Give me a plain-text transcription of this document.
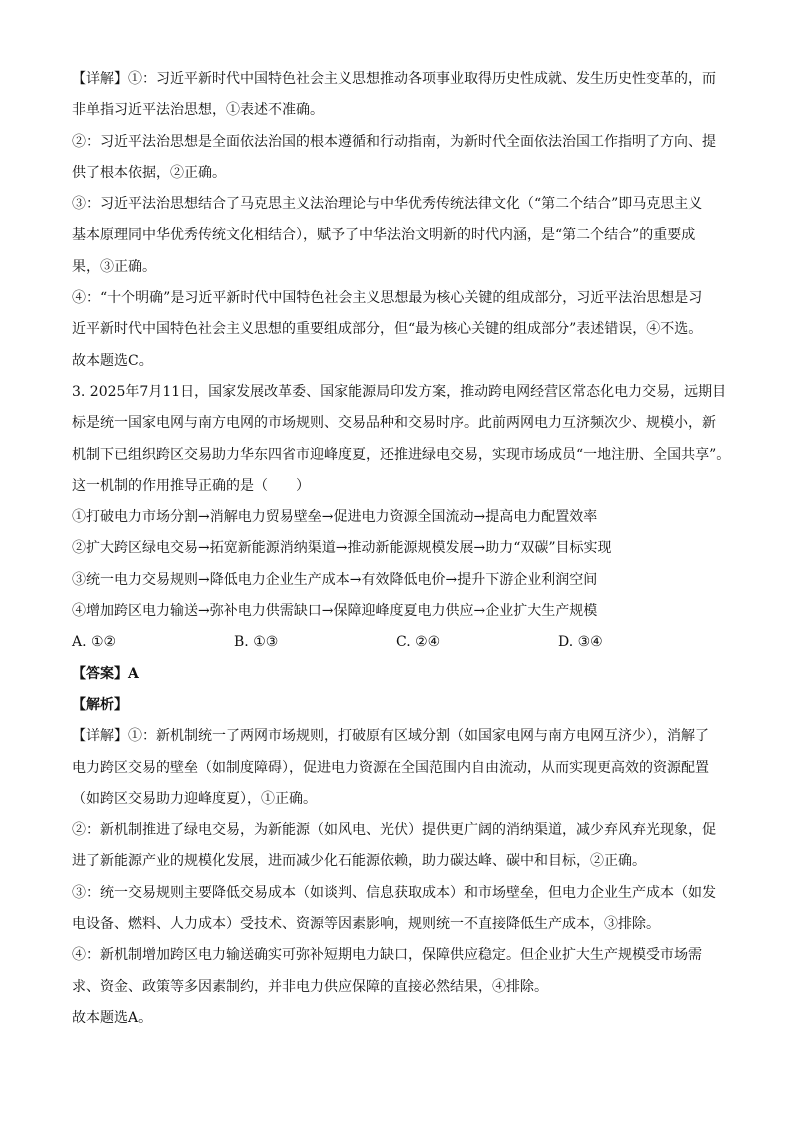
【详解】①：习近平新时代中国特色社会主义思想推动各项事业取得历史性成就、发生历史性变革的，而
非单指习近平法治思想，①表述不准确。
②：习近平法治思想是全面依法治国的根本遵循和行动指南，为新时代全面依法治国工作指明了方向、提
供了根本依据，②正确。
③：习近平法治思想结合了马克思主义法治理论与中华优秀传统法律文化（“第二个结合”即马克思主义
基本原理同中华优秀传统文化相结合），赋予了中华法治文明新的时代内涵，是“第二个结合”的重要成
果，③正确。
④：“十个明确”是习近平新时代中国特色社会主义思想最为核心关键的组成部分，习近平法治思想是习
近平新时代中国特色社会主义思想的重要组成部分，但“最为核心关键的组成部分”表述错误，④不选。
故本题选C。
3. 2025年7月11日，国家发展改革委、国家能源局印发方案，推动跨电网经营区常态化电力交易，远期目
标是统一国家电网与南方电网的市场规则、交易品种和交易时序。此前两网电力互济频次少、规模小，新
机制下已组织跨区交易助力华东四省市迎峰度夏，还推进绿电交易，实现市场成员“一地注册、全国共享”。
这一机制的作用推导正确的是（　　）
①打破电力市场分割→消解电力贸易壁垒→促进电力资源全国流动→提高电力配置效率
②扩大跨区绿电交易→拓宽新能源消纳渠道→推动新能源规模发展→助力“双碳”目标实现
③统一电力交易规则→降低电力企业生产成本→有效降低电价→提升下游企业利润空间
④增加跨区电力输送→弥补电力供需缺口→保障迎峰度夏电力供应→企业扩大生产规模
A. ①②	B. ①③	C. ②④	D. ③④
【答案】A
【解析】
【详解】①：新机制统一了两网市场规则，打破原有区域分割（如国家电网与南方电网互济少），消解了
电力跨区交易的壁垒（如制度障碍），促进电力资源在全国范围内自由流动，从而实现更高效的资源配置
（如跨区交易助力迎峰度夏），①正确。
②：新机制推进了绿电交易，为新能源（如风电、光伏）提供更广阔的消纳渠道，减少弃风弃光现象，促
进了新能源产业的规模化发展，进而减少化石能源依赖，助力碳达峰、碳中和目标，②正确。
③：统一交易规则主要降低交易成本（如谈判、信息获取成本）和市场壁垒，但电力企业生产成本（如发
电设备、燃料、人力成本）受技术、资源等因素影响，规则统一不直接降低生产成本，③排除。
④：新机制增加跨区电力输送确实可弥补短期电力缺口，保障供应稳定。但企业扩大生产规模受市场需
求、资金、政策等多因素制约，并非电力供应保障的直接必然结果，④排除。
故本题选A。
